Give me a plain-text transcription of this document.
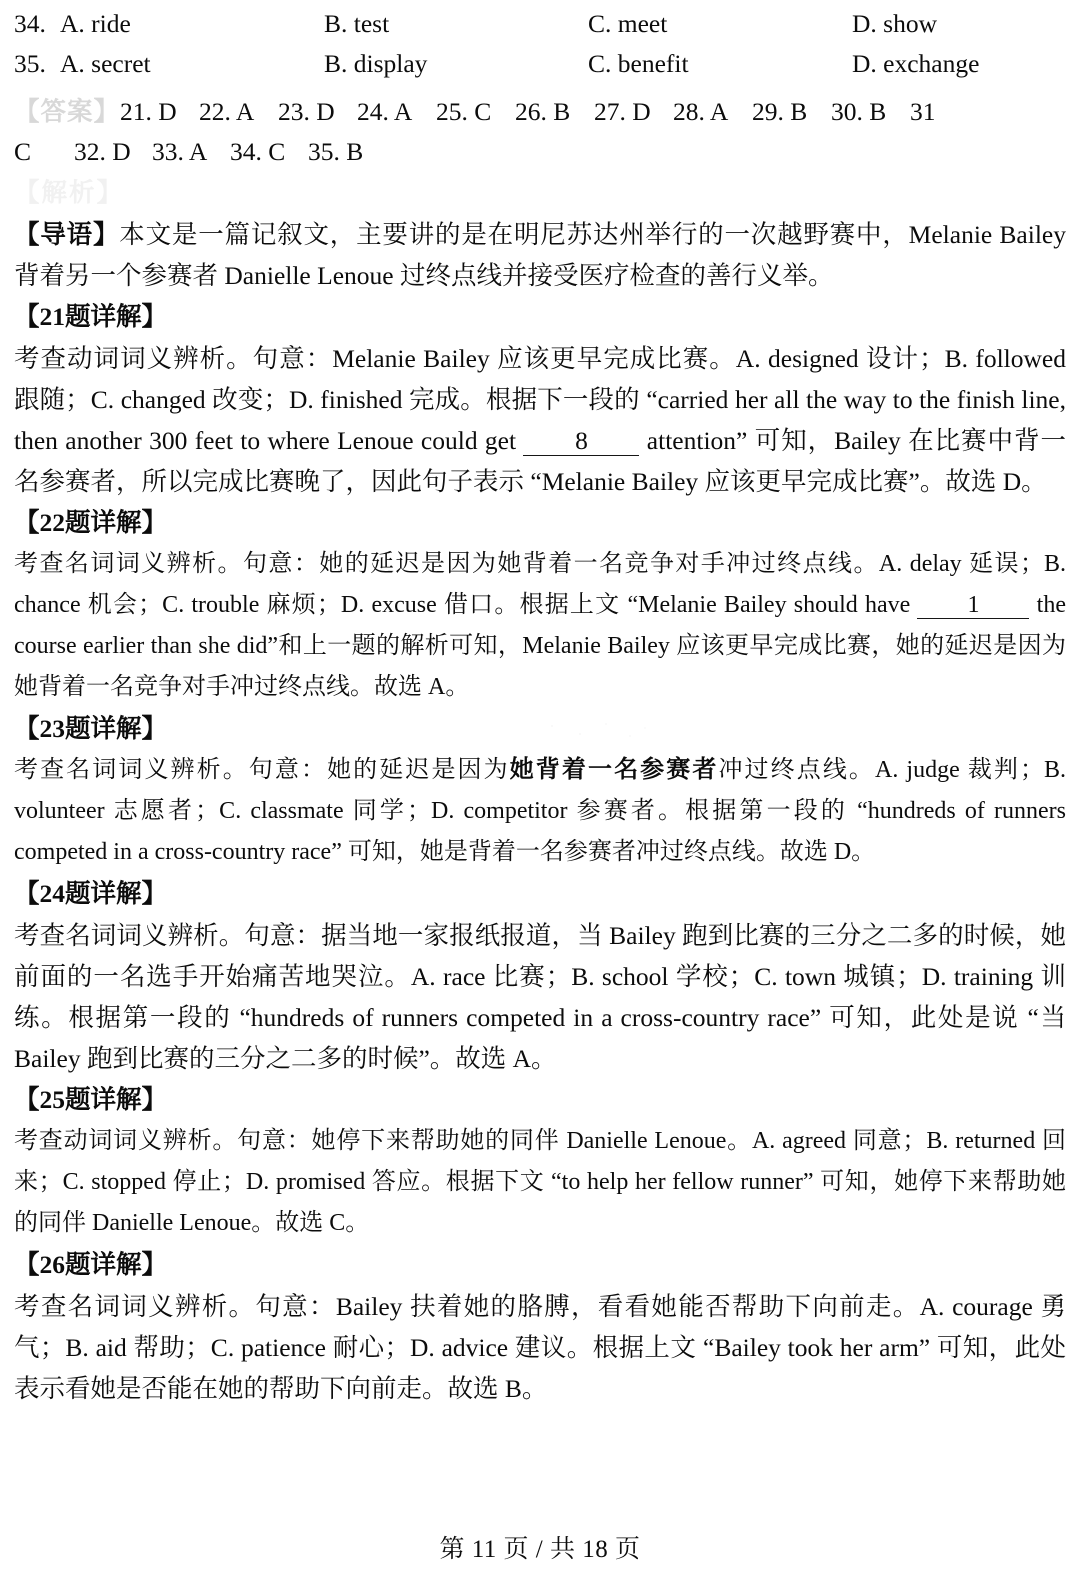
34. A. ride	B. test	C. meet	D. show
35. A. secret	B. display	C. benefit	D. exchange
【答案】21. D 22. A 23. D 24. A 25. C 26. B 27. D 28. A 29. B 30. B 31
C 32. D 33. A 34. C 35. B
【解析】

【导语】本文是一篇记叙文，主要讲的是在明尼苏达州举行的一次越野赛中，Melanie Bailey 背着另一个参赛者 Danielle Lenoue 过终点线并接受医疗检查的善行义举。

【21题详解】

考查动词词义辨析。句意：Melanie Bailey 应该更早完成比赛。A. designed 设计；B. followed 跟随；C. changed 改变；D. finished 完成。根据下一段的 “carried her all the way to the finish line, then another 300 feet to where Lenoue could get 8 attention” 可知，Bailey 在比赛中背一名参赛者，所以完成比赛晚了，因此句子表示 “Melanie Bailey 应该更早完成比赛”。故选 D。

【22题详解】

考查名词词义辨析。句意：她的延迟是因为她背着一名竞争对手冲过终点线。A. delay 延误；B. chance 机会；C. trouble 麻烦；D. excuse 借口。根据上文 “Melanie Bailey should have 1 the course earlier than she did”和上一题的解析可知，Melanie Bailey 应该更早完成比赛，她的延迟是因为她背着一名竞争对手冲过终点线。故选 A。

【23题详解】

考查名词词义辨析。句意：她的延迟是因为她背着一名参赛者冲过终点线。A. judge 裁判；B. volunteer 志愿者；C. classmate 同学；D. competitor 参赛者。根据第一段的 “hundreds of runners competed in a cross-country race” 可知，她是背着一名参赛者冲过终点线。故选 D。

【24题详解】

考查名词词义辨析。句意：据当地一家报纸报道，当 Bailey 跑到比赛的三分之二多的时候，她前面的一名选手开始痛苦地哭泣。A. race 比赛；B. school 学校；C. town 城镇；D. training 训练。根据第一段的 “hundreds of runners competed in a cross-country race” 可知，此处是说 “当 Bailey 跑到比赛的三分之二多的时候”。故选 A。

【25题详解】

考查动词词义辨析。句意：她停下来帮助她的同伴 Danielle Lenoue。A. agreed 同意；B. returned 回来；C. stopped 停止；D. promised 答应。根据下文 “to help her fellow runner” 可知，她停下来帮助她的同伴 Danielle Lenoue。故选 C。

【26题详解】

考查名词词义辨析。句意：Bailey 扶着她的胳膊，看看她能否帮助下向前走。A. courage 勇气；B. aid 帮助；C. patience 耐心；D. advice 建议。根据上文 “Bailey took her arm” 可知，此处表示看她是否能在她的帮助下向前走。故选 B。

第 11 页 / 共 18 页
